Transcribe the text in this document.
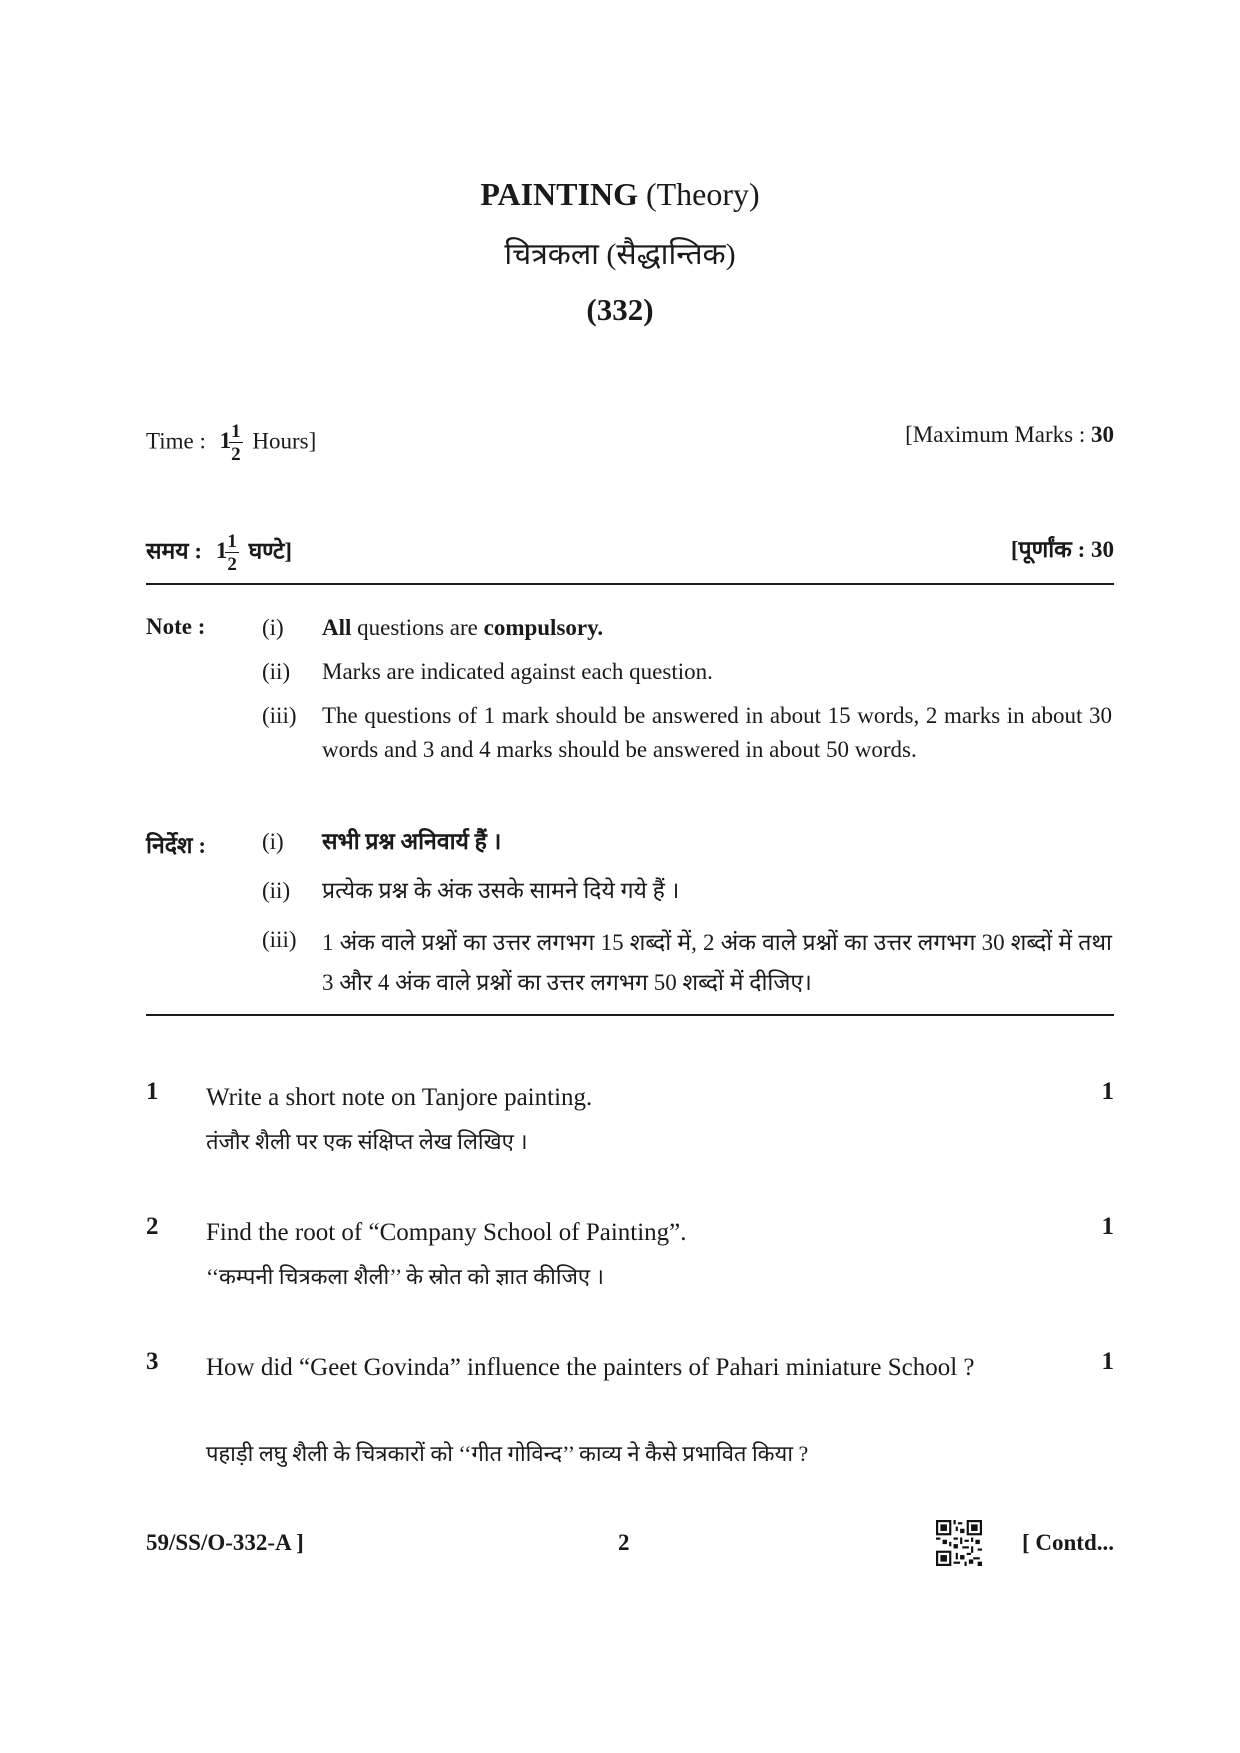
PAINTING (Theory)
चित्रकला (सैद्धान्तिक)
(332)
Time : 1
$\frac{1}{2}$ Hours]	[Maximum Marks : 30
समय : 1
$\frac{1}{2}$ घण्टे]	[पूर्णांक : 30
Note : (i)	All questions are compulsory.
(ii)	Marks are indicated against each question.
(iii)	The questions of 1 mark should be answered in about 15 words, 2 marks in about 30 words and 3 and 4 marks should be answered in about 50 words.
निर्देश : (i)	सभी प्रश्न अनिवार्य हैं ।
(ii)	प्रत्येक प्रश्न के अंक उसके सामने दिये गये हैं ।
(iii)	1 अंक वाले प्रश्नों का उत्तर लगभग 15 शब्दों में, 2 अंक वाले प्रश्नों का उत्तर लगभग 30 शब्दों में तथा 3 और 4 अंक वाले प्रश्नों का उत्तर लगभग 50 शब्दों में दीजिए।
1 Write a short note on Tanjore painting.
तंजौर शैली पर एक संक्षिप्त लेख लिखिए ।
1
2 Find the root of “Company School of Painting”.
‘‘कम्पनी चित्रकला शैली’’ के स्रोत को ज्ञात कीजिए ।
1
3 How did “Geet Govinda” influence the painters of Pahari miniature School ?
पहाड़ी लघु शैली के चित्रकारों को ‘‘गीत गोविन्द’’ काव्य ने कैसे प्रभावित किया ?
1
59/SS/O-332-A ]	2	[ Contd...
